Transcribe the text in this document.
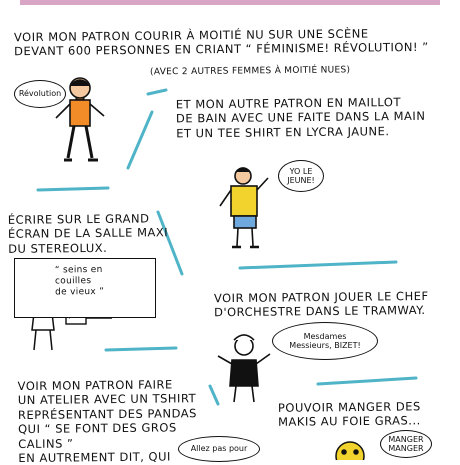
VOIR MON PATRON COURIR À MOITIÉ NU SUR UNE SCÈNE
DEVANT 600 PERSONNES EN CRIANT “ FÉMINISME! RÉVOLUTION! ”
(AVEC 2 AUTRES FEMMES À MOITIÉ NUES)
Révolution
ET MON AUTRE PATRON EN MAILLOT
DE BAIN AVEC UNE FAITE DANS LA MAIN
ET UN TEE SHIRT EN LYCRA JAUNE.
YO LE
JEUNE!
ÉCRIRE SUR LE GRAND
ÉCRAN DE LA SALLE MAXI
DU STEREOLUX.
“ seins en
couilles
de vieux ”	VOIR MON PATRON JOUER LE CHEF
D'ORCHESTRE DANS LE TRAMWAY.
Mesdames
Messieurs, BIZET!
VOIR MON PATRON FAIRE
UN ATELIER AVEC UN TSHIRT
REPRÉSENTANT DES PANDAS
QUI “ SE FONT DES GROS CALINS ”
EN AUTREMENT DIT, QUI
Allez pas pour
POUVOIR MANGER DES
MAKIS AU FOIE GRAS...
MANGER
MANGER
